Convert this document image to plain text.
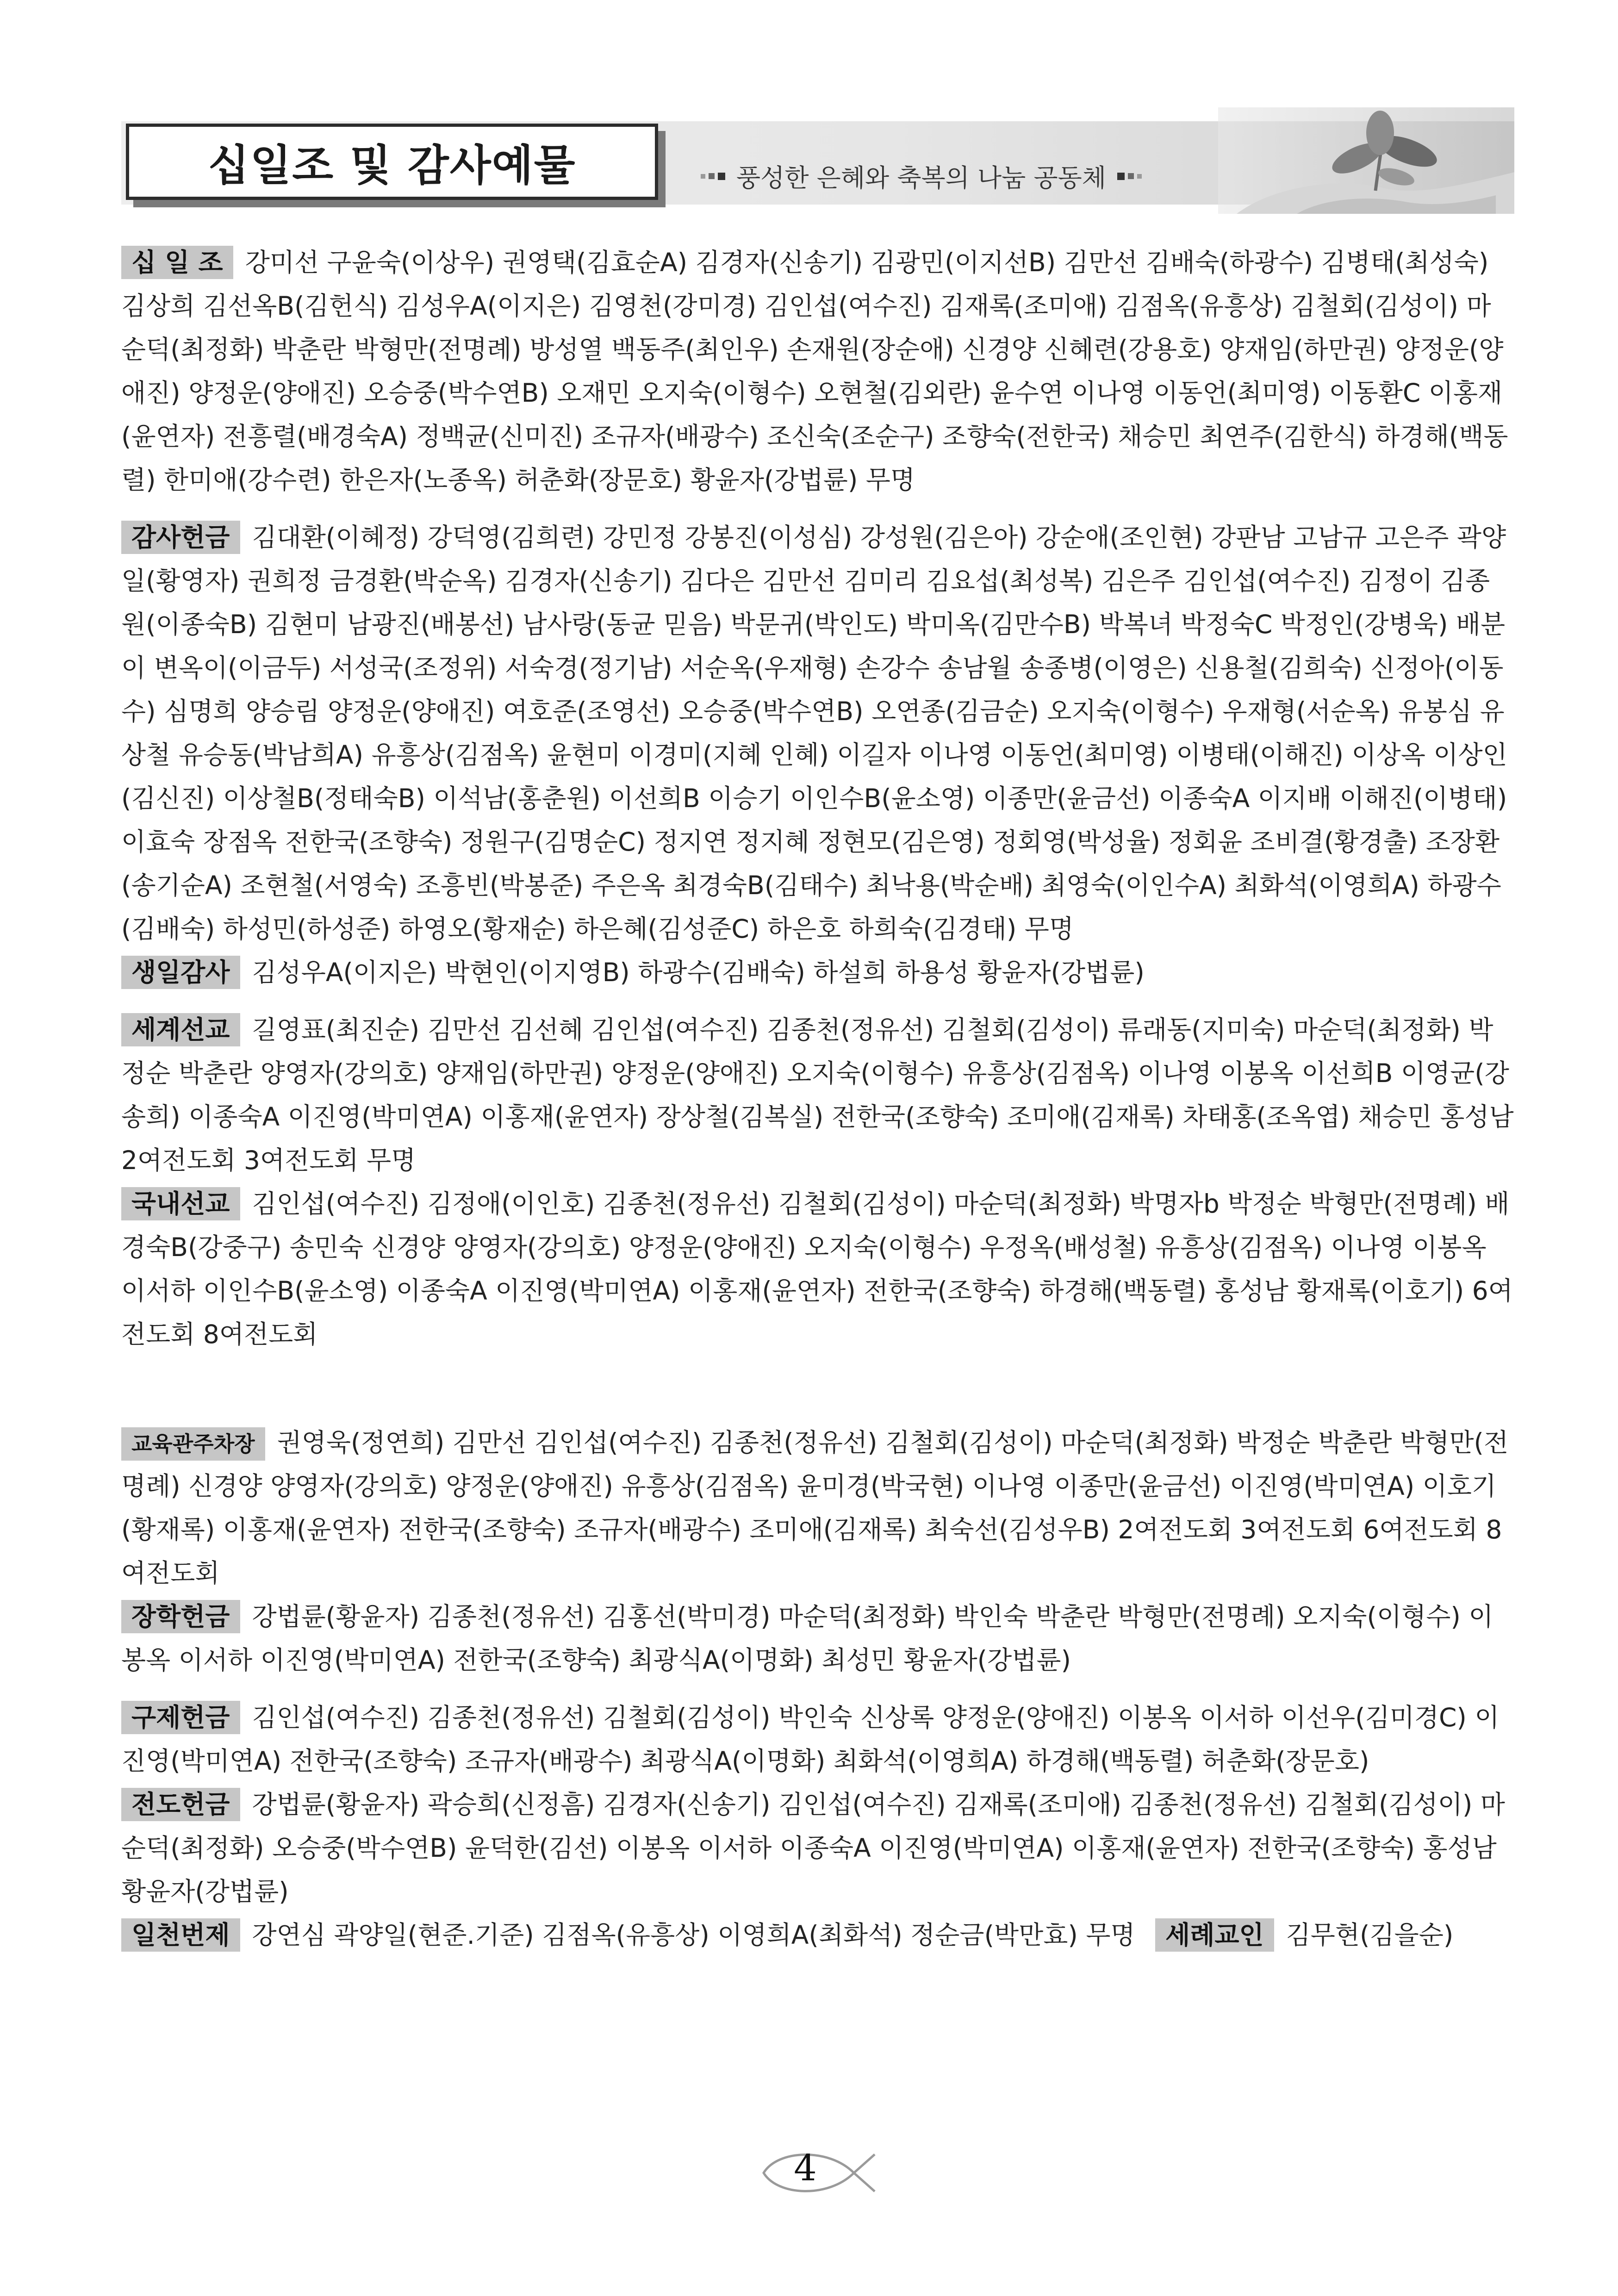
십일조 및 감사예물	풍성한 은혜와 축복의 나눔 공동체
십 일 조 강미선 구윤숙(이상우) 권영택(김효순A) 김경자(신송기) 김광민(이지선B) 김만선 김배숙(하광수) 김병태(최성숙) 김상희 김선옥B(김헌식) 김성우A(이지은) 김영천(강미경) 김인섭(여수진) 김재록(조미애) 김점옥(유흥상) 김철회(김성이) 마순덕(최정화) 박춘란 박형만(전명례) 방성열 백동주(최인우) 손재원(장순애) 신경양 신혜련(강용호) 양재임(하만권) 양정운(양애진) 양정운(양애진) 오승중(박수연B) 오재민 오지숙(이형수) 오현철(김외란) 윤수연 이나영 이동언(최미영) 이동환C 이홍재(윤연자) 전흥렬(배경숙A) 정백균(신미진) 조규자(배광수) 조신숙(조순구) 조향숙(전한국) 채승민 최연주(김한식) 하경해(백동렬) 한미애(강수련) 한은자(노종옥) 허춘화(장문호) 황윤자(강법륜) 무명
감사헌금 김대환(이혜정) 강덕영(김희련) 강민정 강봉진(이성심) 강성원(김은아) 강순애(조인현) 강판남 고남규 고은주 곽양일(황영자) 권희정 금경환(박순옥) 김경자(신송기) 김다은 김만선 김미리 김요섭(최성복) 김은주 김인섭(여수진) 김정이 김종원(이종숙B) 김현미 남광진(배봉선) 남사랑(동균 믿음) 박문귀(박인도) 박미옥(김만수B) 박복녀 박정숙C 박정인(강병욱) 배분이 변옥이(이금두) 서성국(조정위) 서숙경(정기남) 서순옥(우재형) 손강수 송남월 송종병(이영은) 신용철(김희숙) 신정아(이동수) 심명희 양승림 양정운(양애진) 여호준(조영선) 오승중(박수연B) 오연종(김금순) 오지숙(이형수) 우재형(서순옥) 유봉심 유상철 유승동(박남희A) 유흥상(김점옥) 윤현미 이경미(지혜 인혜) 이길자 이나영 이동언(최미영) 이병태(이해진) 이상옥 이상인(김신진) 이상철B(정태숙B) 이석남(홍춘원) 이선희B 이승기 이인수B(윤소영) 이종만(윤금선) 이종숙A 이지배 이해진(이병태) 이효숙 장점옥 전한국(조향숙) 정원구(김명순C) 정지연 정지혜 정현모(김은영) 정회영(박성율) 정회윤 조비결(황경출) 조장환(송기순A) 조현철(서영숙) 조흥빈(박봉준) 주은옥 최경숙B(김태수) 최낙용(박순배) 최영숙(이인수A) 최화석(이영희A) 하광수(김배숙) 하성민(하성준) 하영오(황재순) 하은혜(김성준C) 하은호 하희숙(김경태) 무명
생일감사 김성우A(이지은) 박현인(이지영B) 하광수(김배숙) 하설희 하용성 황윤자(강법륜)
세계선교 길영표(최진순) 김만선 김선혜 김인섭(여수진) 김종천(정유선) 김철회(김성이) 류래동(지미숙) 마순덕(최정화) 박정순 박춘란 양영자(강의호) 양재임(하만권) 양정운(양애진) 오지숙(이형수) 유흥상(김점옥) 이나영 이봉옥 이선희B 이영균(강송희) 이종숙A 이진영(박미연A) 이홍재(윤연자) 장상철(김복실) 전한국(조향숙) 조미애(김재록) 차태홍(조옥엽) 채승민 홍성남 2여전도회 3여전도회 무명
국내선교 김인섭(여수진) 김정애(이인호) 김종천(정유선) 김철회(김성이) 마순덕(최정화) 박명자b 박정순 박형만(전명례) 배경숙B(강중구) 송민숙 신경양 양영자(강의호) 양정운(양애진) 오지숙(이형수) 우정옥(배성철) 유흥상(김점옥) 이나영 이봉옥 이서하 이인수B(윤소영) 이종숙A 이진영(박미연A) 이홍재(윤연자) 전한국(조향숙) 하경해(백동렬) 홍성남 황재록(이호기) 6여전도회 8여전도회
교육관주차장 권영욱(정연희) 김만선 김인섭(여수진) 김종천(정유선) 김철회(김성이) 마순덕(최정화) 박정순 박춘란 박형만(전명례) 신경양 양영자(강의호) 양정운(양애진) 유흥상(김점옥) 윤미경(박국현) 이나영 이종만(윤금선) 이진영(박미연A) 이호기(황재록) 이홍재(윤연자) 전한국(조향숙) 조규자(배광수) 조미애(김재록) 최숙선(김성우B) 2여전도회 3여전도회 6여전도회 8여전도회
장학헌금 강법륜(황윤자) 김종천(정유선) 김홍선(박미경) 마순덕(최정화) 박인숙 박춘란 박형만(전명례) 오지숙(이형수) 이봉옥 이서하 이진영(박미연A) 전한국(조향숙) 최광식A(이명화) 최성민 황윤자(강법륜)
구제헌금 김인섭(여수진) 김종천(정유선) 김철회(김성이) 박인숙 신상록 양정운(양애진) 이봉옥 이서하 이선우(김미경C) 이진영(박미연A) 전한국(조향숙) 조규자(배광수) 최광식A(이명화) 최화석(이영희A) 하경해(백동렬) 허춘화(장문호)
전도헌금 강법륜(황윤자) 곽승희(신정흠) 김경자(신송기) 김인섭(여수진) 김재록(조미애) 김종천(정유선) 김철회(김성이) 마순덕(최정화) 오승중(박수연B) 윤덕한(김선) 이봉옥 이서하 이종숙A 이진영(박미연A) 이홍재(윤연자) 전한국(조향숙) 홍성남 황윤자(강법륜)
일천번제 강연심 곽양일(현준.기준) 김점옥(유흥상) 이영희A(최화석) 정순금(박만효) 무명 세례교인 김무현(김을순)
4
